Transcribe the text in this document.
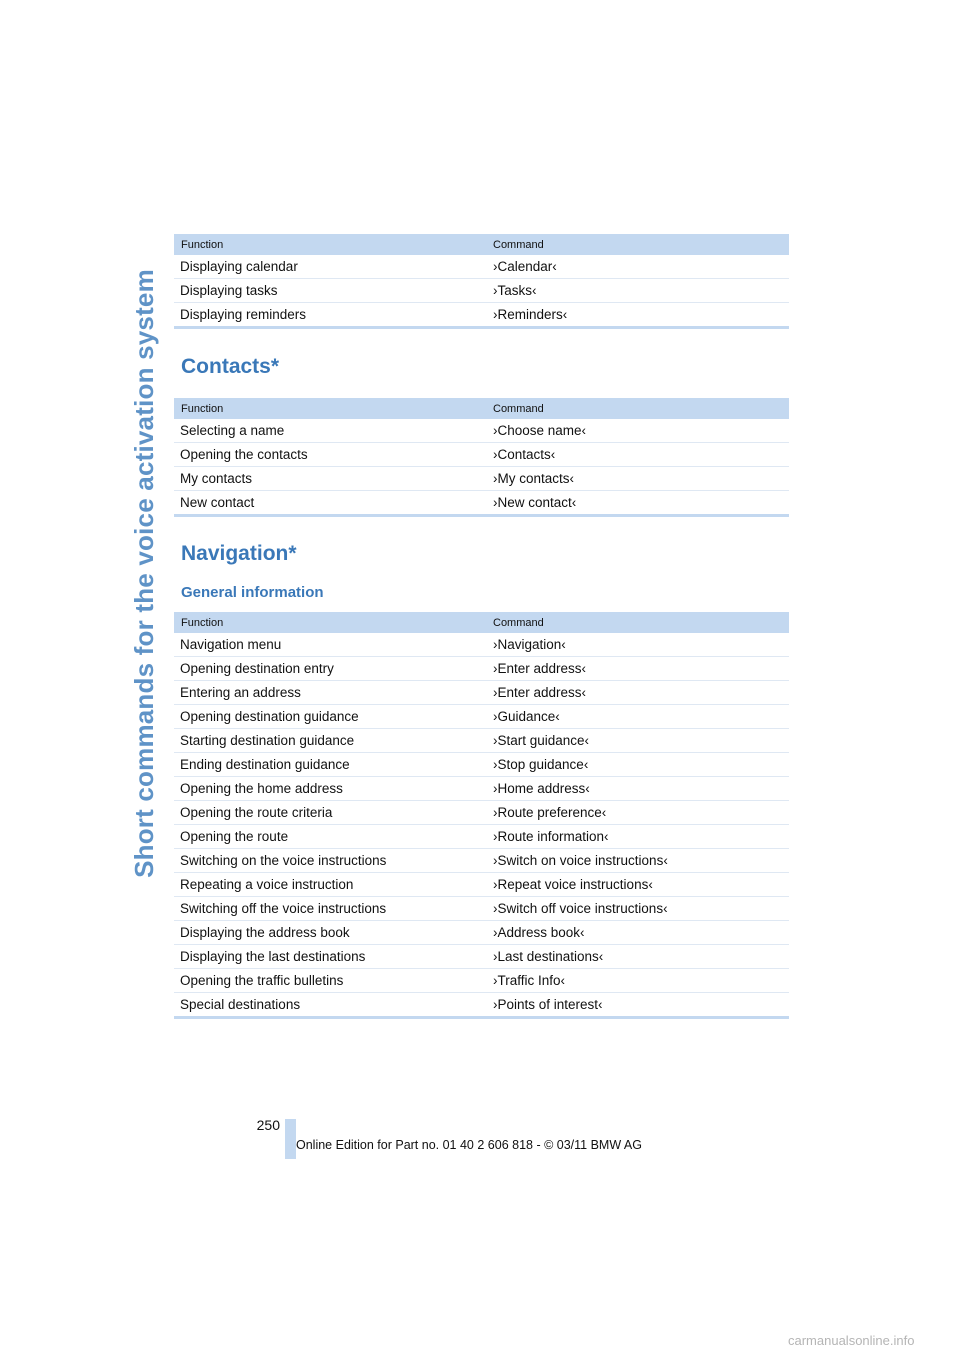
Short commands for the voice activation system
Function	Command
Displaying calendar	›Calendar‹
Displaying tasks	›Tasks‹
Displaying reminders	›Reminders‹
Contacts*
Function	Command
Selecting a name	›Choose name‹
Opening the contacts	›Contacts‹
My contacts	›My contacts‹
New contact	›New contact‹
Navigation*
General information
Function	Command
Navigation menu	›Navigation‹
Opening destination entry	›Enter address‹
Entering an address	›Enter address‹
Opening destination guidance	›Guidance‹
Starting destination guidance	›Start guidance‹
Ending destination guidance	›Stop guidance‹
Opening the home address	›Home address‹
Opening the route criteria	›Route preference‹
Opening the route	›Route information‹
Switching on the voice instructions	›Switch on voice instructions‹
Repeating a voice instruction	›Repeat voice instructions‹
Switching off the voice instructions	›Switch off voice instructions‹
Displaying the address book	›Address book‹
Displaying the last destinations	›Last destinations‹
Opening the traffic bulletins	›Traffic Info‹
Special destinations	›Points of interest‹
250
Online Edition for Part no. 01 40 2 606 818 - © 03/11 BMW AG
carmanualsonline.info
